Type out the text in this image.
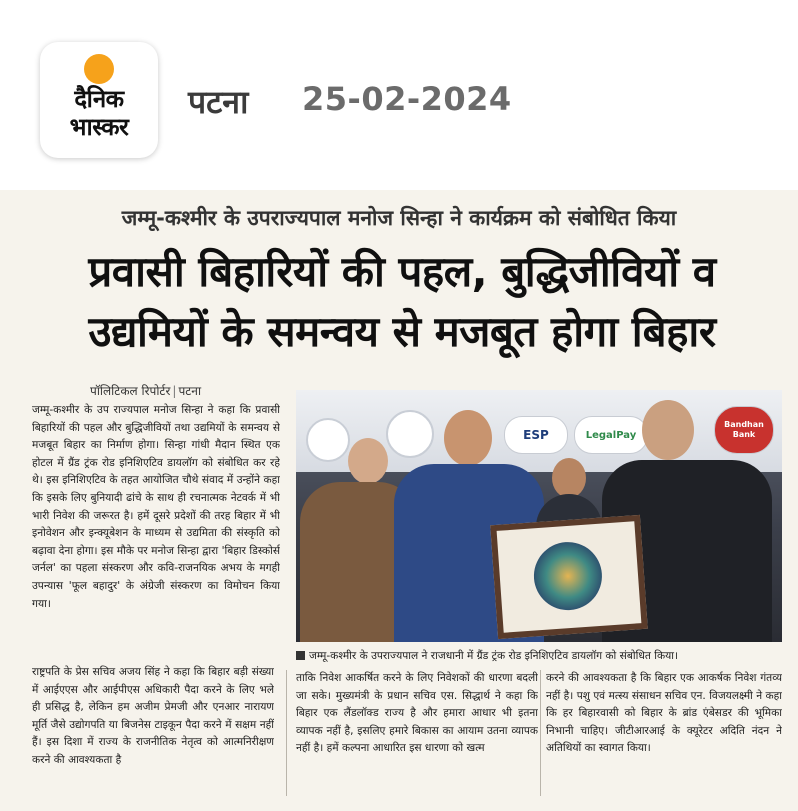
दैनिक
भास्कर
पटना 25-02-2024
जम्मू-कश्मीर के उपराज्यपाल मनोज सिन्हा ने कार्यक्रम को संबोधित किया
प्रवासी बिहारियों की पहल, बुद्धिजीवियों व
उद्यमियों के समन्वय से मजबूत होगा बिहार
पॉलिटिकल रिपोर्टर | पटना
जम्मू-कश्मीर के उप राज्यपाल मनोज सिन्हा ने कहा कि प्रवासी बिहारियों की पहल और बुद्धिजीवियों तथा उद्यमियों के समन्वय से मजबूत बिहार का निर्माण होगा। सिन्हा गांधी मैदान स्थित एक होटल में ग्रैंड ट्रंक रोड इनिशिएटिव डायलॉग को संबोधित कर रहे थे। इस इनिशिएटिव के तहत आयोजित चौथे संवाद में उन्होंने कहा कि इसके लिए बुनियादी ढांचे के साथ ही रचनात्मक नेटवर्क में भी भारी निवेश की जरूरत है। हमें दूसरे प्रदेशों की तरह बिहार में भी इनोवेशन और इन्क्यूबेशन के माध्यम से उद्यमिता की संस्कृति को बढ़ावा देना होगा। इस मौके पर मनोज सिन्हा द्वारा 'बिहार डिस्कोर्स जर्नल' का पहला संस्करण और कवि-राजनयिक अभय के मगही उपन्यास 'फूल बहादुर' के अंग्रेजी संस्करण का विमोचन किया गया।
ESP	LegalPay
Bandhan Bank
जम्मू-कश्मीर के उपराज्यपाल ने राजधानी में ग्रैंड ट्रंक रोड इनिशिएटिव डायलॉग को संबोधित किया।
राष्ट्रपति के प्रेस सचिव अजय सिंह ने कहा कि बिहार बड़ी संख्या में आईएएस और आईपीएस अधिकारी पैदा करने के लिए भले ही प्रसिद्ध है, लेकिन हम अजीम प्रेमजी और एनआर नारायण मूर्ति जैसे उद्योगपति या बिजनेस टाइकून पैदा करने में सक्षम नहीं हैं। इस दिशा में राज्य के राजनीतिक नेतृत्व को आत्मनिरीक्षण करने की आवश्यकता है
ताकि निवेश आकर्षित करने के लिए निवेशकों की धारणा बदली जा सके। मुख्यमंत्री के प्रधान सचिव एस. सिद्धार्थ ने कहा कि बिहार एक लैंडलॉक्ड राज्य है और हमारा आधार भी इतना व्यापक नहीं है, इसलिए हमारे बिकास का आयाम उतना व्यापक नहीं है। हमें कल्पना आधारित इस धारणा को खत्म
करने की आवश्यकता है कि बिहार एक आकर्षक निवेश गंतव्य नहीं है। पशु एवं मत्स्य संसाधन सचिव एन. विजयलक्ष्मी ने कहा कि हर बिहारवासी को बिहार के ब्रांड एंबेसडर की भूमिका निभानी चाहिए। जीटीआरआई के क्यूरेटर अदिति नंदन ने अतिथियों का स्वागत किया।
